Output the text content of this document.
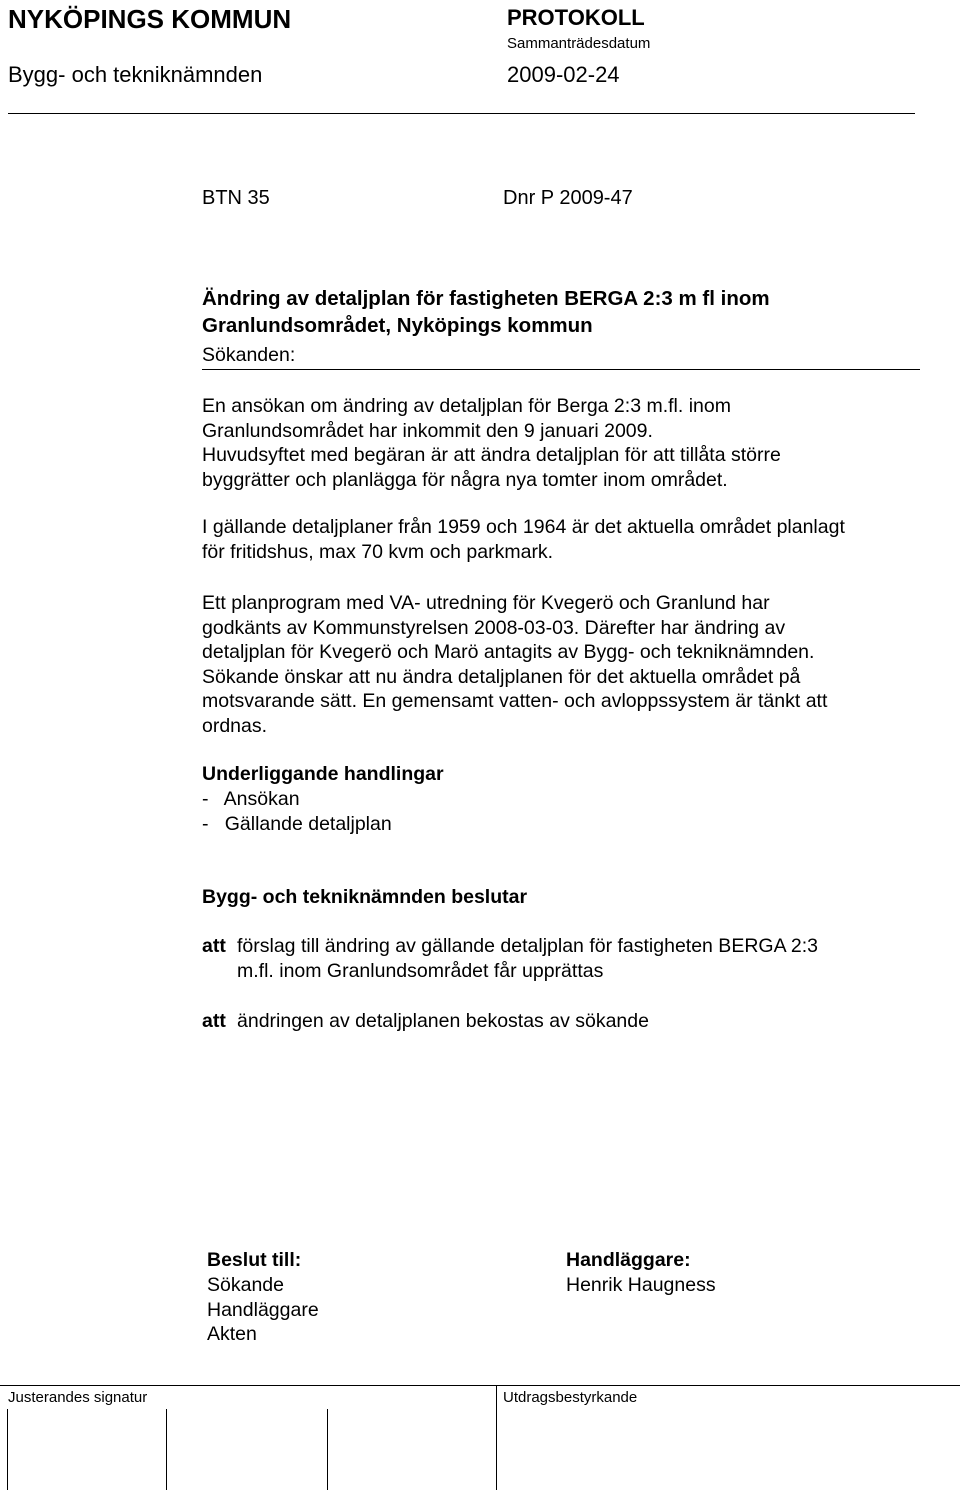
NYKÖPINGS KOMMUN	PROTOKOLL
Sammanträdesdatum
Bygg- och tekniknämnden	2009-02-24
BTN 35	Dnr P 2009-47

Ändring av detaljplan för fastigheten BERGA 2:3 m fl inom

Granlundsområdet, Nyköpings kommun

Sökanden:

En ansökan om ändring av detaljplan för Berga 2:3 m.fl. inom

Granlundsområdet har inkommit den 9 januari 2009.

Huvudsyftet med begäran är att ändra detaljplan för att tillåta större

byggrätter och planlägga för några nya tomter inom området.

I gällande detaljplaner från 1959 och 1964 är det aktuella området planlagt

för fritidshus, max 70 kvm och parkmark.

Ett planprogram med VA- utredning för Kvegerö och Granlund har

godkänts av Kommunstyrelsen 2008-03-03. Därefter har ändring av

detaljplan för Kvegerö och Marö antagits av Bygg- och tekniknämnden.

Sökande önskar att nu ändra detaljplanen för det aktuella området på

motsvarande sätt. En gemensamt vatten- och avloppssystem är tänkt att

ordnas.

Underliggande handlingar
-   Ansökan
-   Gällande detaljplan
Bygg- och tekniknämnden beslutar
att förslag till ändring av gällande detaljplan för fastigheten BERGA 2:3

m.fl. inom Granlundsområdet får upprättas

att ändringen av detaljplanen bekostas av sökande
Beslut till:

Sökande

Handläggare

Akten

Handläggare:
Henrik Haugness
Justerandes signatur	Utdragsbestyrkande
